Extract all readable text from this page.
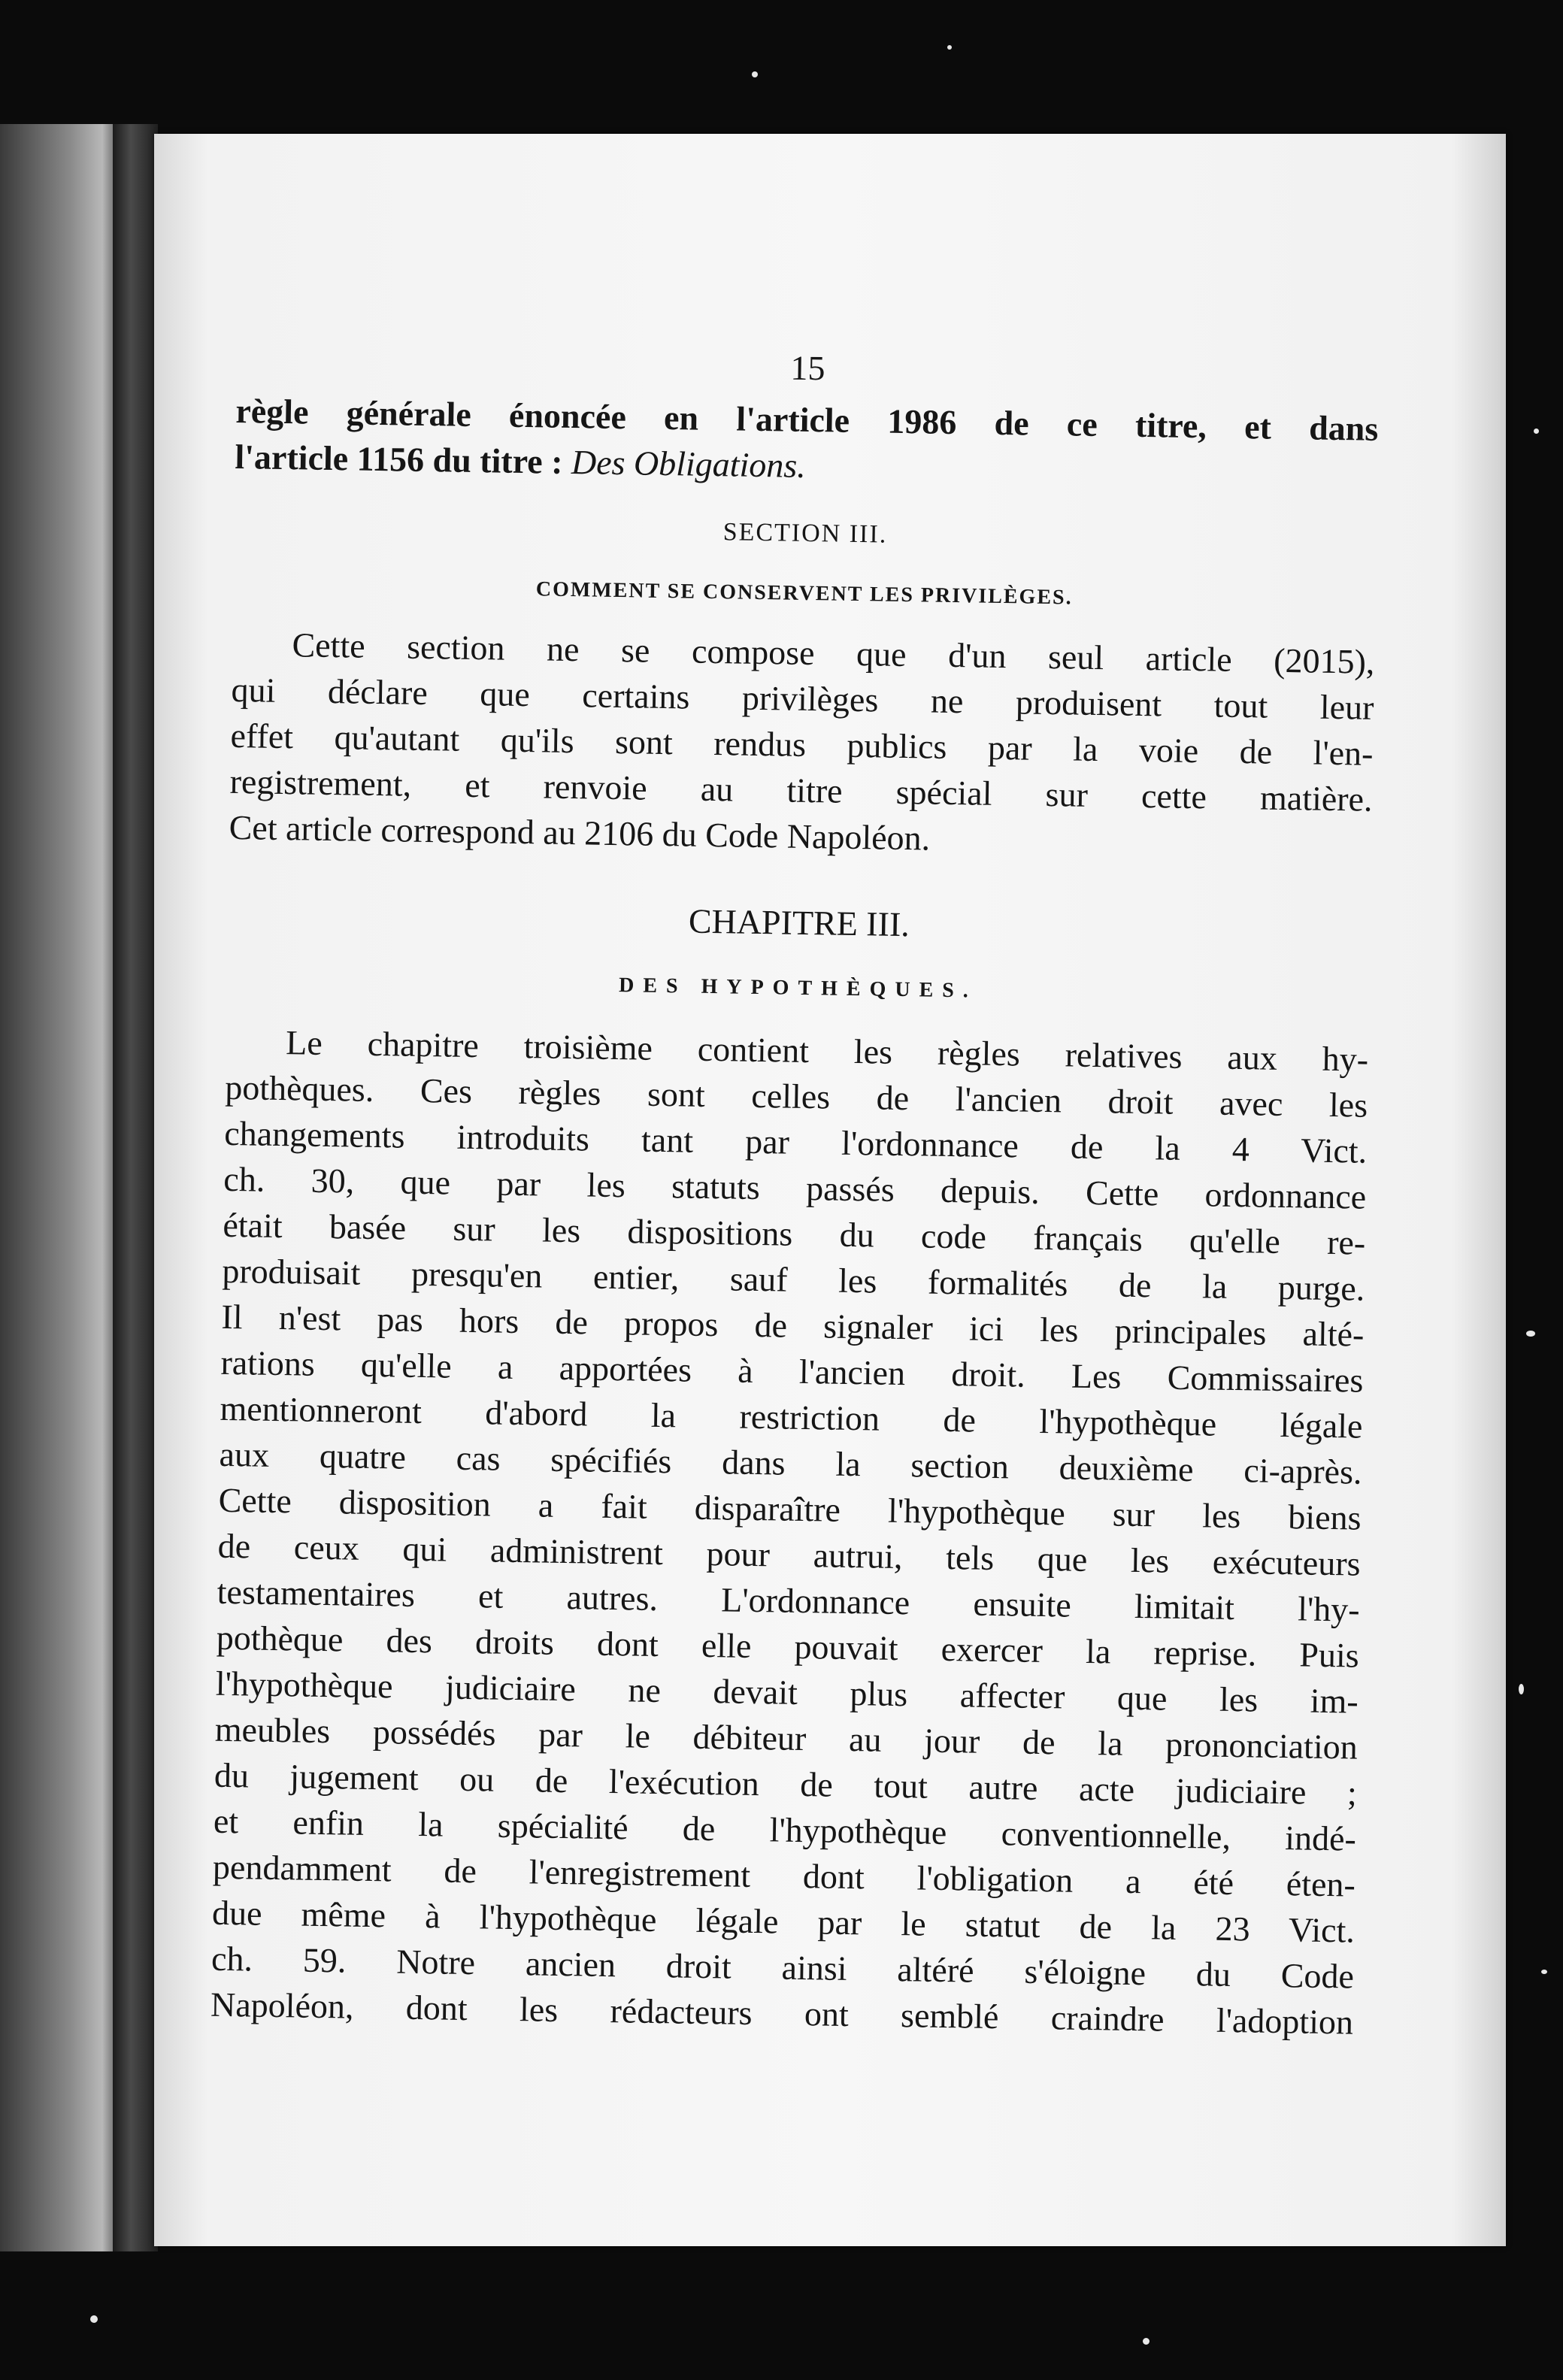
15
règle générale énoncée en l'article 1986 de ce titre, et dans
l'article 1156 du titre : Des Obligations.
SECTION III.
COMMENT SE CONSERVENT LES PRIVILÈGES.
Cette section ne se compose que d'un seul article (2015),
qui déclare que certains privilèges ne produisent tout leur
effet qu'autant qu'ils sont rendus publics par la voie de l'en-
registrement, et renvoie au titre spécial sur cette matière.
Cet article correspond au 2106 du Code Napoléon.
CHAPITRE III.
DES HYPOTHÈQUES.
Le chapitre troisième contient les règles relatives aux hy-
pothèques. Ces règles sont celles de l'ancien droit avec les
changements introduits tant par l'ordonnance de la 4 Vict.
ch. 30, que par les statuts passés depuis. Cette ordonnance
était basée sur les dispositions du code français qu'elle re-
produisait presqu'en entier, sauf les formalités de la purge.
Il n'est pas hors de propos de signaler ici les principales alté-
rations qu'elle a apportées à l'ancien droit. Les Commissaires
mentionneront d'abord la restriction de l'hypothèque légale
aux quatre cas spécifiés dans la section deuxième ci-après.
Cette disposition a fait disparaître l'hypothèque sur les biens
de ceux qui administrent pour autrui, tels que les exécuteurs
testamentaires et autres. L'ordonnance ensuite limitait l'hy-
pothèque des droits dont elle pouvait exercer la reprise. Puis
l'hypothèque judiciaire ne devait plus affecter que les im-
meubles possédés par le débiteur au jour de la prononciation
du jugement ou de l'exécution de tout autre acte judiciaire ;
et enfin la spécialité de l'hypothèque conventionnelle, indé-
pendamment de l'enregistrement dont l'obligation a été éten-
due même à l'hypothèque légale par le statut de la 23 Vict.
ch. 59. Notre ancien droit ainsi altéré s'éloigne du Code
Napoléon, dont les rédacteurs ont semblé craindre l'adoption
